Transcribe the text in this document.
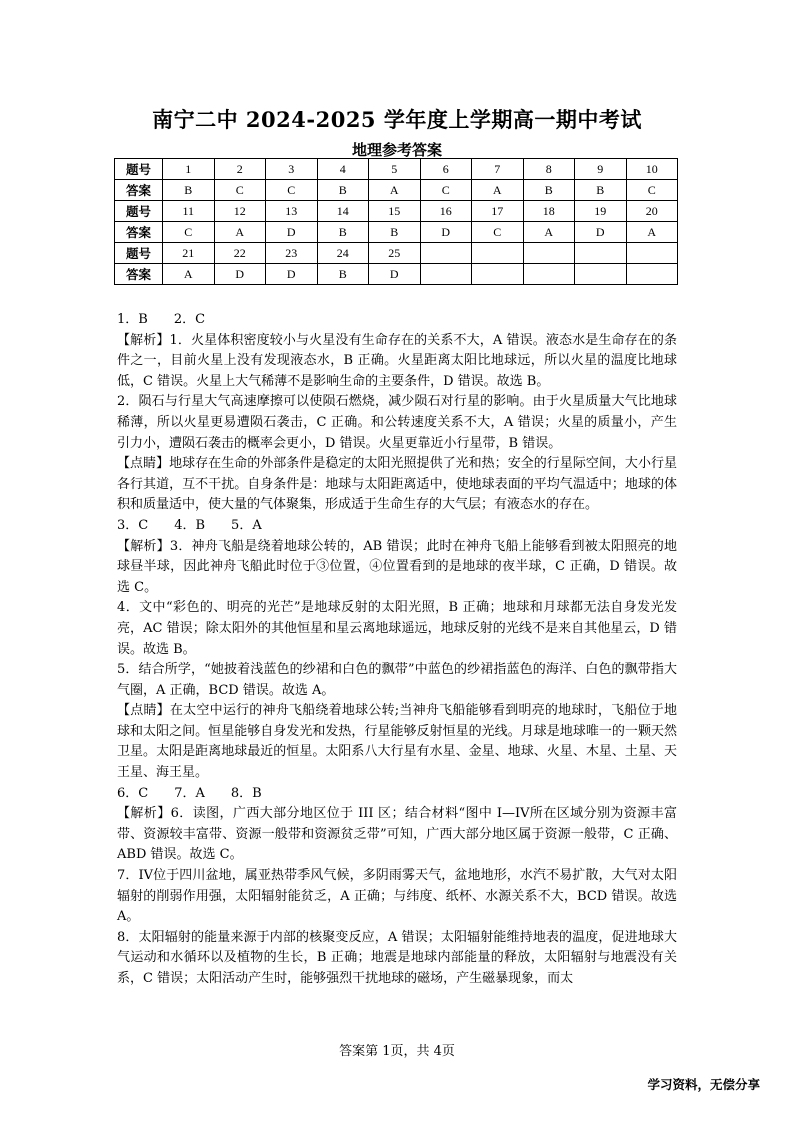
南宁二中 2024-2025 学年度上学期高一期中考试
地理参考答案
题号	1	2	3	4	5	6	7	8	9	10
答案	B	C	C	B	A	C	A	B	B	C
题号	11	12	13	14	15	16	17	18	19	20
答案	C	A	D	B	B	D	C	A	D	A
题号	21	22	23	24	25					
答案	A	D	D	B	D					

1．B　　2．C

【解析】1．火星体积密度较小与火星没有生命存在的关系不大，A 错误。液态水是生命存在的条件之一，目前火星上没有发现液态水，B 正确。火星距离太阳比地球远，所以火星的温度比地球低，C 错误。火星上大气稀薄不是影响生命的主要条件，D 错误。故选 B。

2．陨石与行星大气高速摩擦可以使陨石燃烧，减少陨石对行星的影响。由于火星质量大气比地球稀薄，所以火星更易遭陨石袭击，C 正确。和公转速度关系不大，A 错误；火星的质量小，产生引力小，遭陨石袭击的概率会更小，D 错误。火星更靠近小行星带，B 错误。

【点睛】地球存在生命的外部条件是稳定的太阳光照提供了光和热；安全的行星际空间，大小行星各行其道，互不干扰。自身条件是：地球与太阳距离适中，使地球表面的平均气温适中；地球的体积和质量适中，使大量的气体聚集，形成适于生命生存的大气层；有液态水的存在。

3．C　　4．B　　5．A

【解析】3．神舟飞船是绕着地球公转的，AB 错误；此时在神舟飞船上能够看到被太阳照亮的地球昼半球，因此神舟飞船此时位于③位置，④位置看到的是地球的夜半球，C 正确，D 错误。故选 C。

4．文中“彩色的、明亮的光芒”是地球反射的太阳光照，B 正确；地球和月球都无法自身发光发亮，AC 错误；除太阳外的其他恒星和星云离地球遥远，地球反射的光线不是来自其他星云，D 错误。故选 B。

5．结合所学，“她披着浅蓝色的纱裙和白色的飘带”中蓝色的纱裙指蓝色的海洋、白色的飘带指大气圈，A 正确，BCD 错误。故选 A。

【点睛】在太空中运行的神舟飞船绕着地球公转;当神舟飞船能够看到明亮的地球时，飞船位于地球和太阳之间。恒星能够自身发光和发热，行星能够反射恒星的光线。月球是地球唯一的一颗天然卫星。太阳是距离地球最近的恒星。太阳系八大行星有水星、金星、地球、火星、木星、土星、天王星、海王星。

6．C　　7．A　　8．B

【解析】6．读图，广西大部分地区位于 III 区；结合材料“图中 I—IV所在区域分别为资源丰富带、资源较丰富带、资源一般带和资源贫乏带”可知，广西大部分地区属于资源一般带，C 正确、ABD 错误。故选 C。

7．IV位于四川盆地，属亚热带季风气候，多阴雨雾天气，盆地地形，水汽不易扩散，大气对太阳辐射的削弱作用强，太阳辐射能贫乏，A 正确；与纬度、纸杯、水源关系不大，BCD 错误。故选 A。

8．太阳辐射的能量来源于内部的核聚变反应，A 错误；太阳辐射能维持地表的温度，促进地球大气运动和水循环以及植物的生长，B 正确；地震是地球内部能量的释放，太阳辐射与地震没有关系，C 错误；太阳活动产生时，能够强烈干扰地球的磁场，产生磁暴现象，而太

答案第 1页，共 4页
学习资料，无偿分享
